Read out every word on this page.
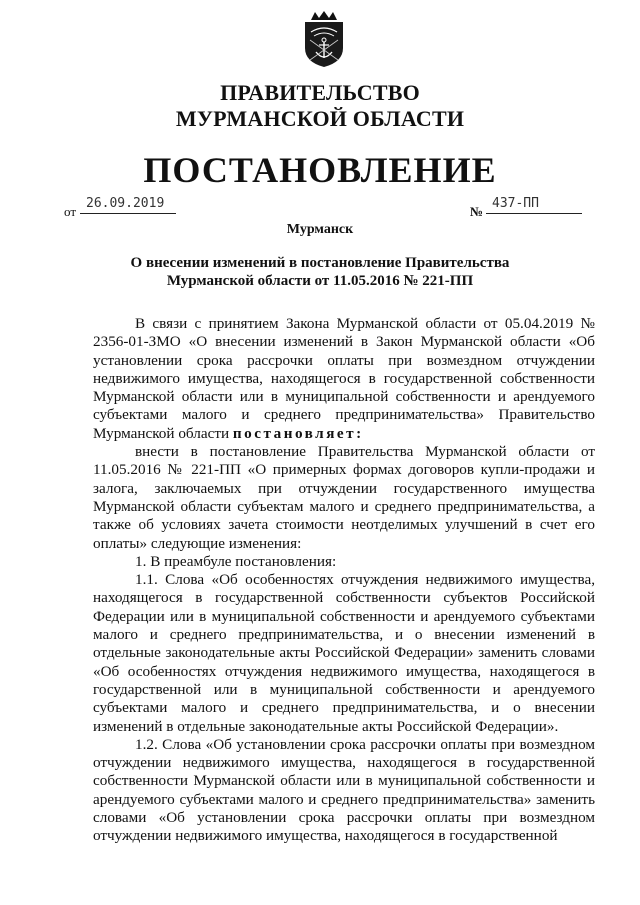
ПРАВИТЕЛЬСТВО
МУРМАНСКОЙ ОБЛАСТИ
ПОСТАНОВЛЕНИЕ
от
26.09.2019
№
437-ПП
Мурманск
О внесении изменений в постановление Правительства Мурманской области от 11.05.2016 № 221-ПП

В связи с принятием Закона Мурманской области от 05.04.2019 № 2356-01-ЗМО «О внесении изменений в Закон Мурманской области «Об установлении срока рассрочки оплаты при возмездном отчуждении недвижимого имущества, находящегося в государственной собственности Мурманской области или в муниципальной собственности и арендуемого субъектами малого и среднего предпринимательства» Правительство Мурманской области постановляет:

внести в постановление Правительства Мурманской области от 11.05.2016 № 221-ПП «О примерных формах договоров купли-продажи и залога, заключаемых при отчуждении государственного имущества Мурманской области субъектам малого и среднего предпринимательства, а также об условиях зачета стоимости неотделимых улучшений в счет его оплаты» следующие изменения:

1. В преамбуле постановления:

1.1. Слова «Об особенностях отчуждения недвижимого имущества, находящегося в государственной собственности субъектов Российской Федерации или в муниципальной собственности и арендуемого субъектами малого и среднего предпринимательства, и о внесении изменений в отдельные законодательные акты Российской Федерации» заменить словами «Об особенностях отчуждения недвижимого имущества, находящегося в государственной или в муниципальной собственности и арендуемого субъектами малого и среднего предпринимательства, и о внесении изменений в отдельные законодательные акты Российской Федерации».

1.2. Слова «Об установлении срока рассрочки оплаты при возмездном отчуждении недвижимого имущества, находящегося в государственной собственности Мурманской области или в муниципальной собственности и арендуемого субъектами малого и среднего предпринимательства» заменить словами «Об установлении срока рассрочки оплаты при возмездном отчуждении недвижимого имущества, находящегося в государственной
